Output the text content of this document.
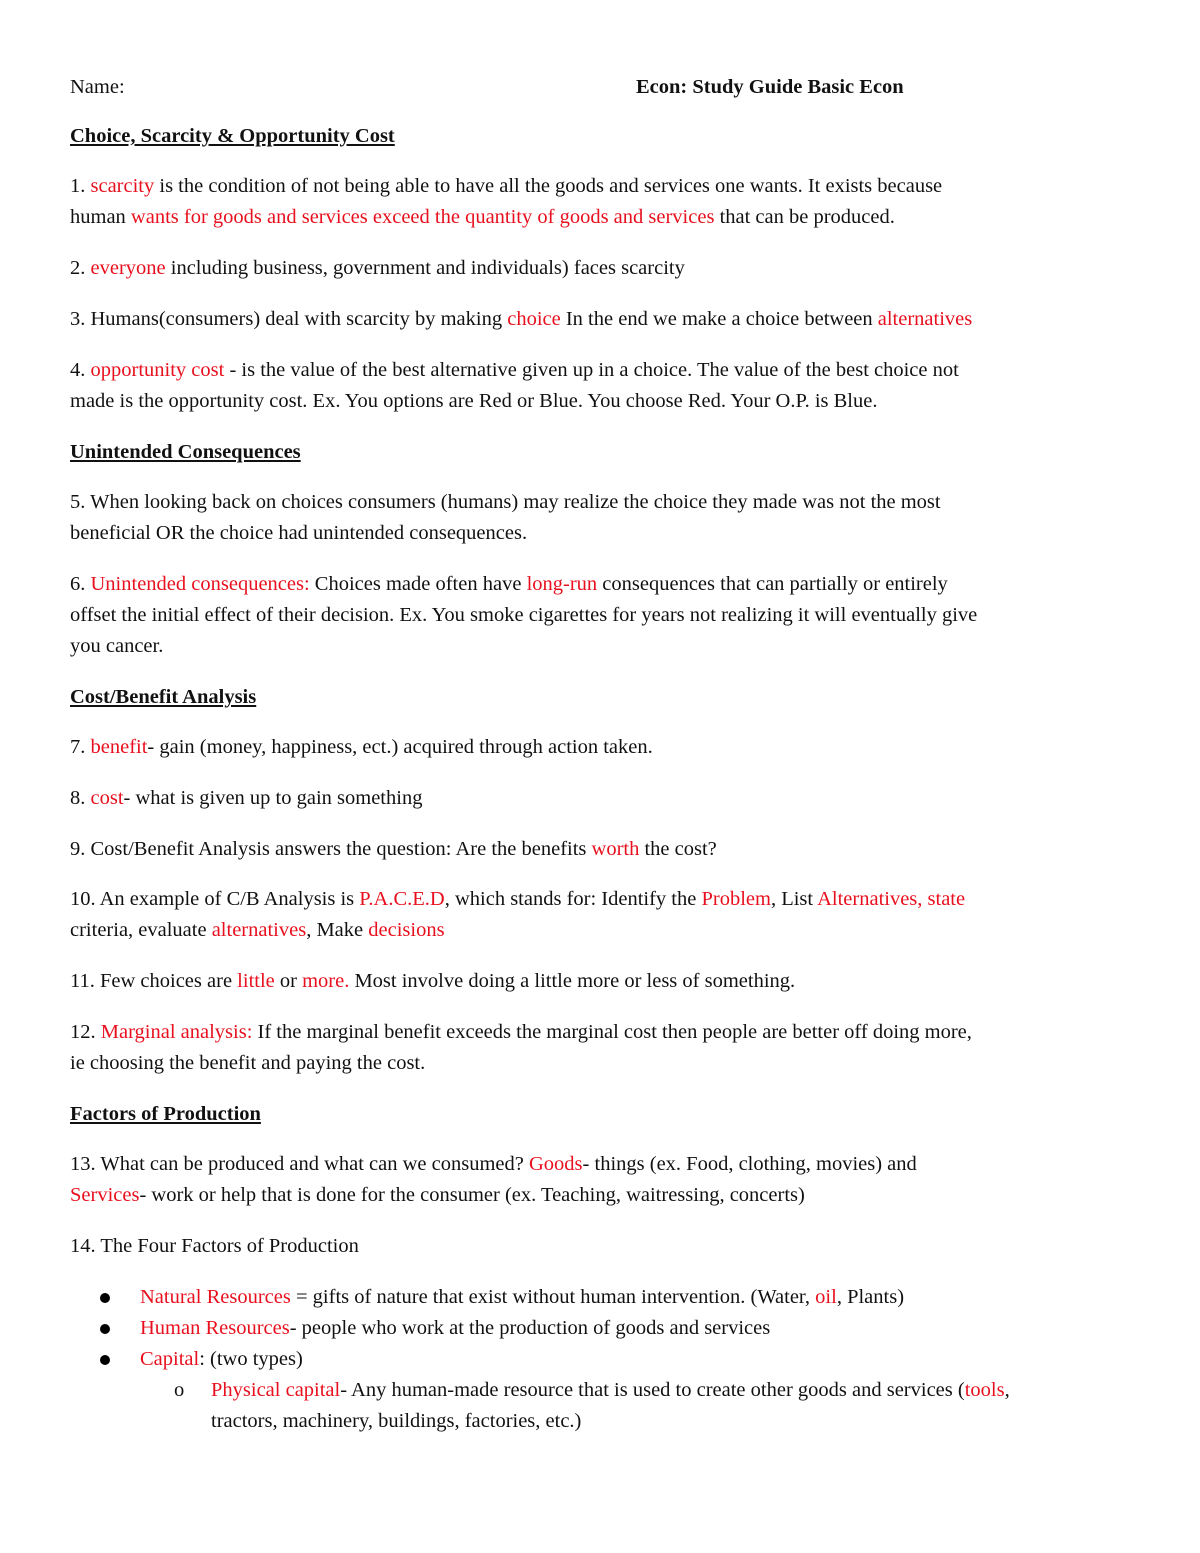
Name:	Econ: Study Guide Basic Econ
Choice, Scarcity & Opportunity Cost
1. scarcity is the condition of not being able to have all the goods and services one wants. It exists because
human wants for goods and services exceed the quantity of goods and services that can be produced.
2. everyone including business, government and individuals) faces scarcity
3. Humans(consumers) deal with scarcity by making choice In the end we make a choice between alternatives
4. opportunity cost - is the value of the best alternative given up in a choice. The value of the best choice not
made is the opportunity cost. Ex. You options are Red or Blue. You choose Red. Your O.P. is Blue.
Unintended Consequences
5. When looking back on choices consumers (humans) may realize the choice they made was not the most
beneficial OR the choice had unintended consequences.
6. Unintended consequences: Choices made often have long-run consequences that can partially or entirely
offset the initial effect of their decision. Ex. You smoke cigarettes for years not realizing it will eventually give
you cancer.
Cost/Benefit Analysis
7. benefit- gain (money, happiness, ect.) acquired through action taken.
8. cost- what is given up to gain something
9. Cost/Benefit Analysis answers the question: Are the benefits worth the cost?
10. An example of C/B Analysis is P.A.C.E.D, which stands for: Identify the Problem, List Alternatives, state
criteria, evaluate alternatives, Make decisions
11. Few choices are little or more. Most involve doing a little more or less of something.
12. Marginal analysis: If the marginal benefit exceeds the marginal cost then people are better off doing more,
ie choosing the benefit and paying the cost.
Factors of Production
13. What can be produced and what can we consumed? Goods- things (ex. Food, clothing, movies) and
Services- work or help that is done for the consumer (ex. Teaching, waitressing, concerts)
14. The Four Factors of Production
Natural Resources = gifts of nature that exist without human intervention. (Water, oil, Plants)
Human Resources- people who work at the production of goods and services
Capital: (two types)
o Physical capital- Any human-made resource that is used to create other goods and services (tools,
tractors, machinery, buildings, factories, etc.)
